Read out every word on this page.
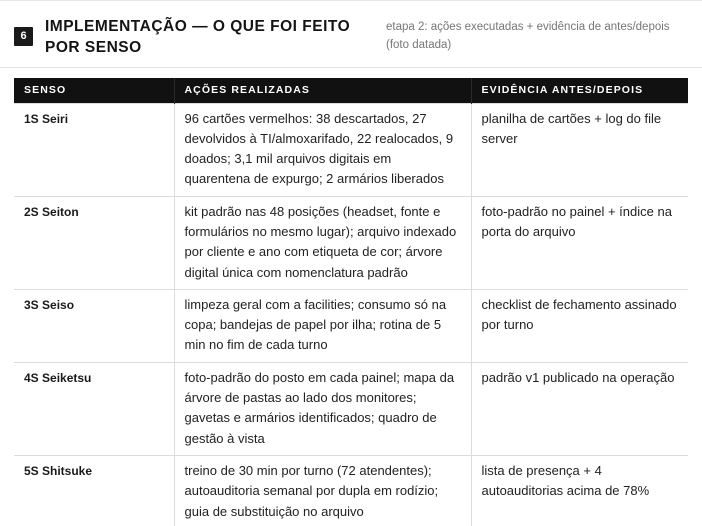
6
IMPLEMENTAÇÃO — O QUE FOI FEITO POR SENSO
etapa 2: ações executadas + evidência de antes/depois (foto datada)
SENSO	AÇÕES REALIZADAS	EVIDÊNCIA ANTES/DEPOIS
1S Seiri	96 cartões vermelhos: 38 descartados, 27 devolvidos à TI/almoxarifado, 22 realocados, 9 doados; 3,1 mil arquivos digitais em quarentena de expurgo; 2 armários liberados	planilha de cartões + log do file server
2S Seiton	kit padrão nas 48 posições (headset, fonte e formulários no mesmo lugar); arquivo indexado por cliente e ano com etiqueta de cor; árvore digital única com nomenclatura padrão	foto-padrão no painel + índice na porta do arquivo
3S Seiso	limpeza geral com a facilities; consumo só na copa; bandejas de papel por ilha; rotina de 5 min no fim de cada turno	checklist de fechamento assinado por turno
4S Seiketsu	foto-padrão do posto em cada painel; mapa da árvore de pastas ao lado dos monitores; gavetas e armários identificados; quadro de gestão à vista	padrão v1 publicado na operação
5S Shitsuke	treino de 30 min por turno (72 atendentes); autoauditoria semanal por dupla em rodízio; guia de substituição no arquivo	lista de presença + 4 autoauditorias acima de 78%
